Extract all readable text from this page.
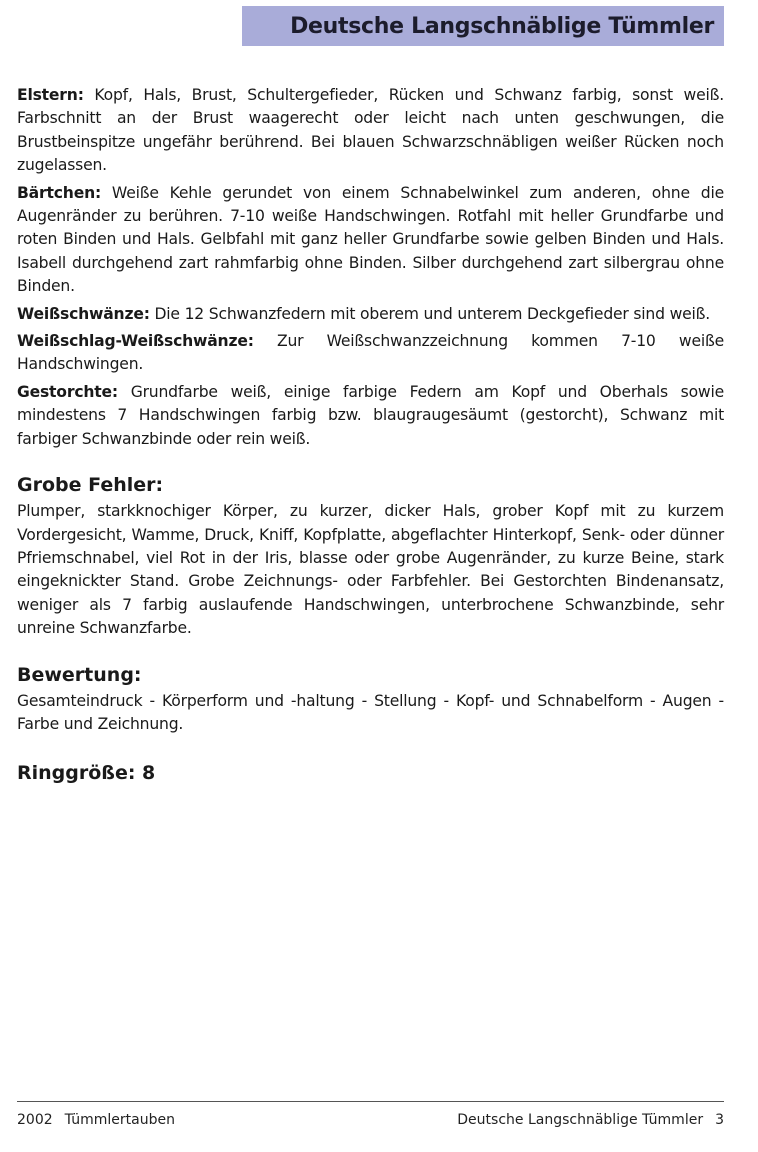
Deutsche Langschnäblige Tümmler

Elstern: Kopf, Hals, Brust, Schultergefieder, Rücken und Schwanz farbig, sonst weiß. Farbschnitt an der Brust waagerecht oder leicht nach unten geschwungen, die Brustbeinspitze ungefähr berührend. Bei blauen Schwarzschnäbligen weißer Rücken noch zugelassen.

Bärtchen: Weiße Kehle gerundet von einem Schnabelwinkel zum anderen, ohne die Augenränder zu berühren. 7-10 weiße Handschwingen. Rotfahl mit heller Grundfarbe und roten Binden und Hals. Gelbfahl mit ganz heller Grundfarbe sowie gelben Binden und Hals. Isabell durchgehend zart rahmfarbig ohne Binden. Silber durchgehend zart silbergrau ohne Binden.

Weißschwänze: Die 12 Schwanzfedern mit oberem und unterem Deckgefieder sind weiß.

Weißschlag-Weißschwänze: Zur Weißschwanzzeichnung kommen 7-10 weiße Handschwingen.

Gestorchte: Grundfarbe weiß, einige farbige Federn am Kopf und Oberhals sowie mindestens 7 Handschwingen farbig bzw. blaugraugesäumt (gestorcht), Schwanz mit farbiger Schwanzbinde oder rein weiß.

Grobe Fehler:

Plumper, starkknochiger Körper, zu kurzer, dicker Hals, grober Kopf mit zu kurzem Vordergesicht, Wamme, Druck, Kniff, Kopfplatte, abgeflachter Hinterkopf, Senk- oder dünner Pfriemschnabel, viel Rot in der Iris, blasse oder grobe Augenränder, zu kurze Beine, stark eingeknickter Stand. Grobe Zeichnungs- oder Farbfehler. Bei Gestorchten Bindenansatz, weniger als 7 farbig auslaufende Handschwingen, unterbrochene Schwanzbinde, sehr unreine Schwanzfarbe.

Bewertung:

Gesamteindruck - Körperform und -haltung - Stellung - Kopf- und Schnabelform - Augen - Farbe und Zeichnung.

Ringgröße: 8
2002 Tümmlertauben	Deutsche Langschnäblige Tümmler 3
